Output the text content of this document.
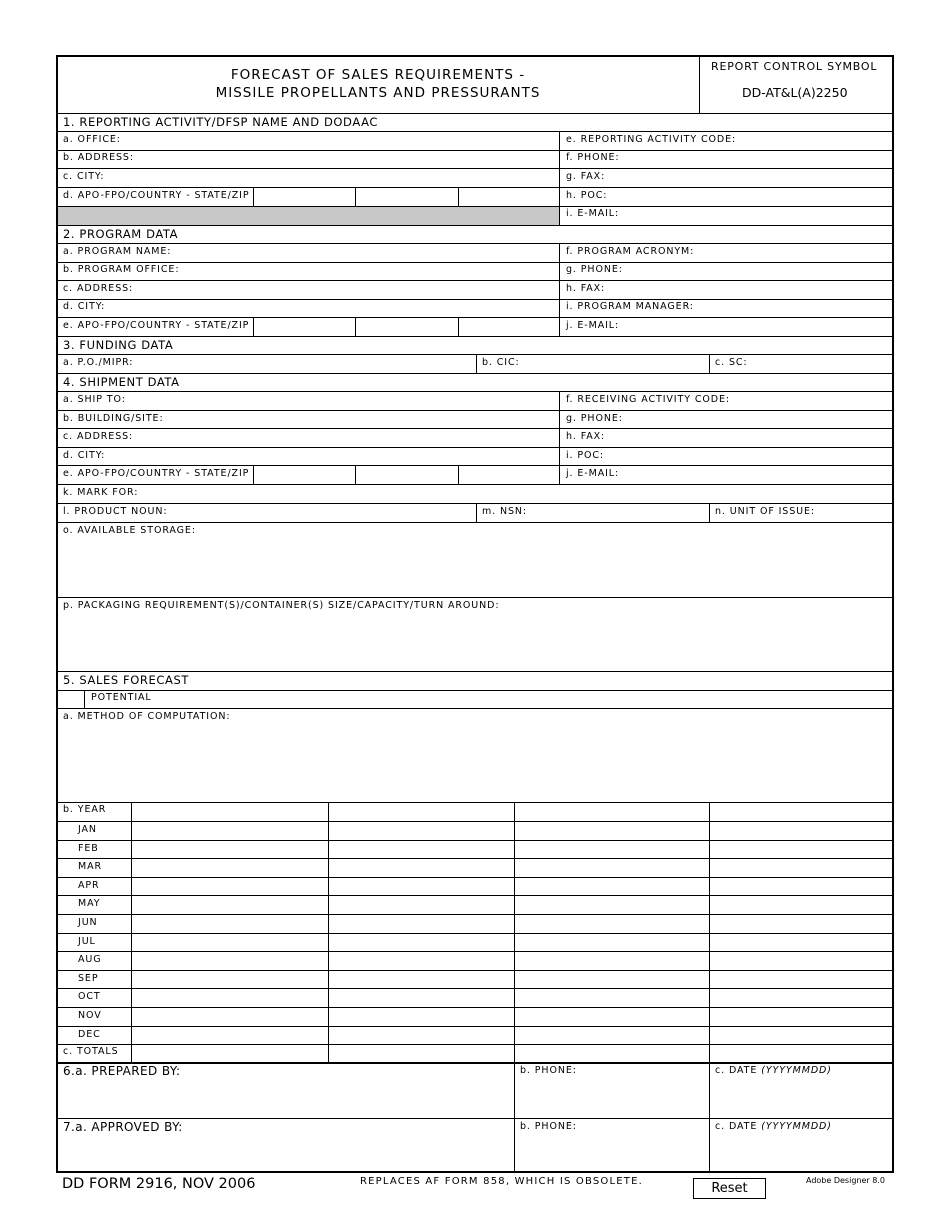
FORECAST OF SALES REQUIREMENTS -
MISSILE PROPELLANTS AND PRESSURANTS
REPORT CONTROL SYMBOL
DD-AT&L(A)2250
1. REPORTING ACTIVITY/DFSP NAME AND DODAAC
a. OFFICE:	e. REPORTING ACTIVITY CODE:
b. ADDRESS:	f. PHONE:
c. CITY:	g. FAX:
d. APO-FPO/COUNTRY - STATE/ZIP	h. POC:
i. E-MAIL:
2. PROGRAM DATA
a. PROGRAM NAME:	f. PROGRAM ACRONYM:
b. PROGRAM OFFICE:	g. PHONE:
c. ADDRESS:	h. FAX:
d. CITY:	i. PROGRAM MANAGER:
e. APO-FPO/COUNTRY - STATE/ZIP	j. E-MAIL:
3. FUNDING DATA
a. P.O./MIPR:	b. CIC:	c. SC:
4. SHIPMENT DATA
a. SHIP TO:	f. RECEIVING ACTIVITY CODE:
b. BUILDING/SITE:	g. PHONE:
c. ADDRESS:	h. FAX:
d. CITY:	i. POC:
e. APO-FPO/COUNTRY - STATE/ZIP	j. E-MAIL:
k. MARK FOR:
l. PRODUCT NOUN:	m. NSN:	n. UNIT OF ISSUE:
o. AVAILABLE STORAGE:
p. PACKAGING REQUIREMENT(S)/CONTAINER(S) SIZE/CAPACITY/TURN AROUND:
5. SALES FORECAST
POTENTIAL
a. METHOD OF COMPUTATION:
b. YEAR
JAN
FEB
MAR
APR
MAY
JUN
JUL
AUG
SEP
OCT
NOV
DEC
c. TOTALS
6.a. PREPARED BY:	b. PHONE:	c. DATE (YYYYMMDD)
7.a. APPROVED BY:	b. PHONE:	c. DATE (YYYYMMDD)
DD FORM 2916, NOV 2006	REPLACES AF FORM 858, WHICH IS OBSOLETE.	Reset
Adobe Designer 8.0
